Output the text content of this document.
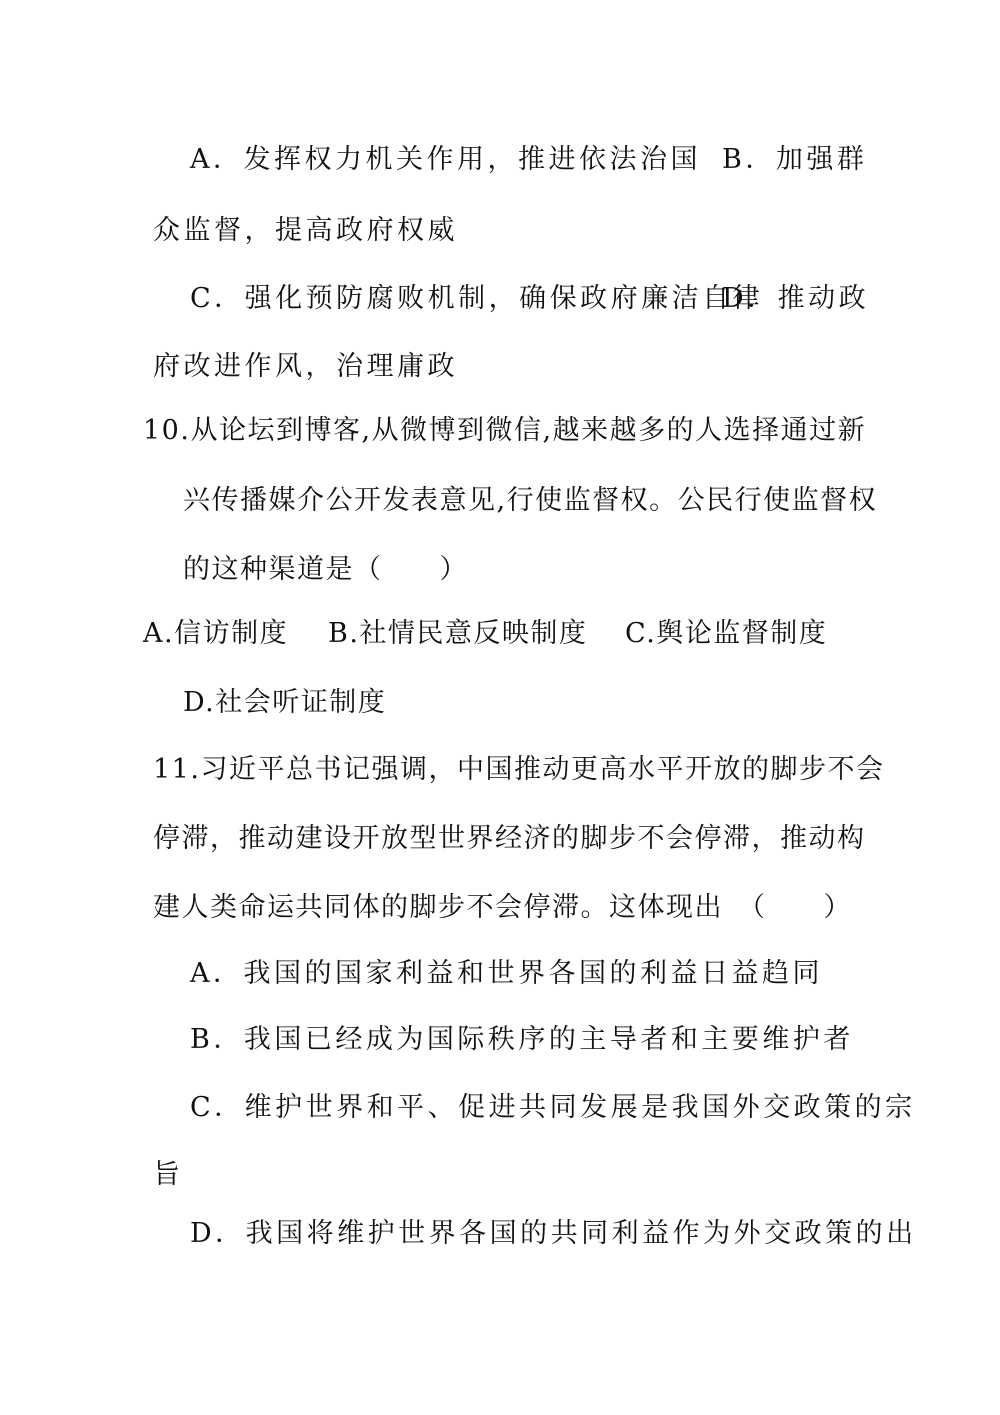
A．发挥权力机关作用，推进依法治国 B．加强群
众监督，提高政府权威
C．强化预防腐败机制，确保政府廉洁自律
D．推动政
府改进作风，治理庸政
10.从论坛到博客,从微博到微信,越来越多的人选择通过新
兴传播媒介公开发表意见,行使监督权。公民行使监督权
的这种渠道是（　　）
A.信访制度 B.社情民意反映制度 C.舆论监督制度
D.社会听证制度
11.习近平总书记强调，中国推动更高水平开放的脚步不会
停滞，推动建设开放型世界经济的脚步不会停滞，推动构
建人类命运共同体的脚步不会停滞。这体现出　（　　）
A．我国的国家利益和世界各国的利益日益趋同
B．我国已经成为国际秩序的主导者和主要维护者
C．维护世界和平、促进共同发展是我国外交政策的宗
旨
D．我国将维护世界各国的共同利益作为外交政策的出
